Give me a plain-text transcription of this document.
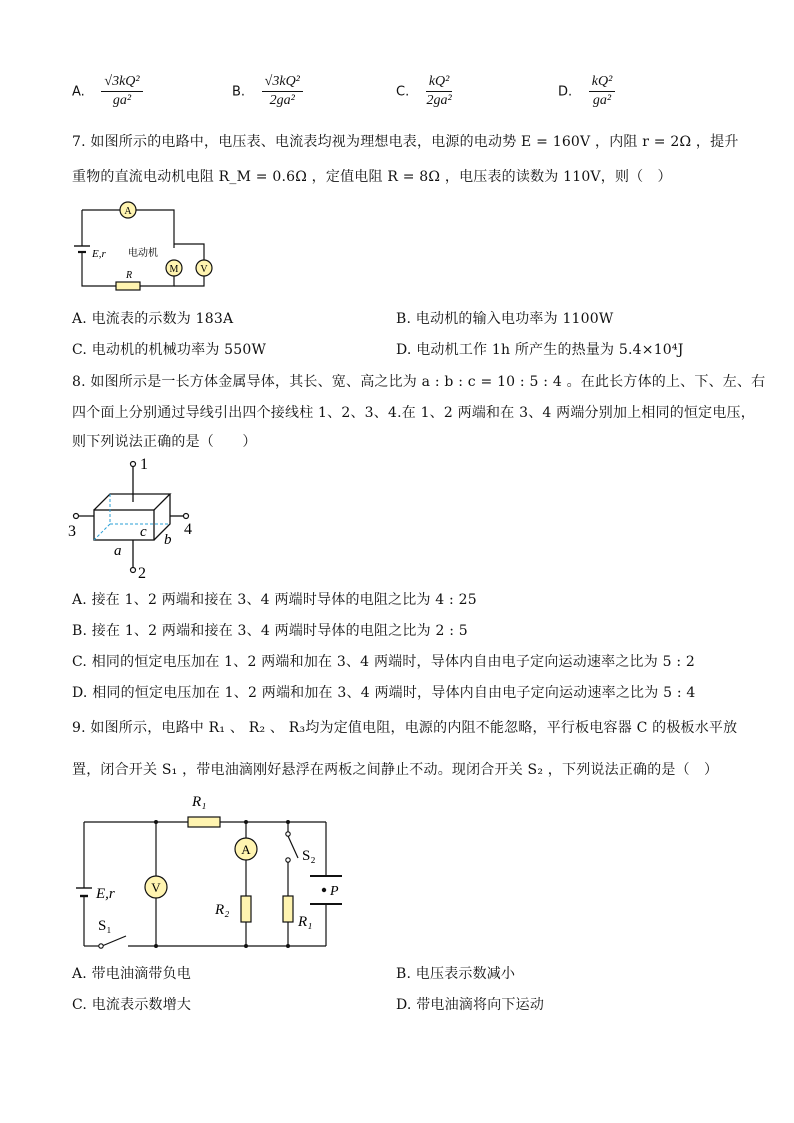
A. $\frac{\text{√3kQ²}}{\text{ga²}}$	B. $\frac{\text{√3kQ²}}{\text{2ga²}}$	C. $\frac{\text{kQ²}}{\text{2ga²}}$	D. $\frac{\text{kQ²}}{\text{ga²}}$
7. 如图所示的电路中，电压表、电流表均视为理想电表，电源的电动势 E = 160V ，内阻 r = 2Ω ，提升
重物的直流电动机电阻 R_M = 0.6Ω ，定值电阻 R = 8Ω ，电压表的读数为 110V，则（　）
A
M V
E,r 电动机
R
A. 电流表的示数为 183A	B. 电动机的输入电功率为 1100W
C. 电动机的机械功率为 550W	D. 电动机工作 1h 所产生的热量为 5.4×10⁴J
8. 如图所示是一长方体金属导体，其长、宽、高之比为 a : b : c = 10 : 5 : 4 。在此长方体的上、下、左、右
四个面上分别通过导线引出四个接线柱 1、2、3、4.在 1、2 两端和在 3、4 两端分别加上相同的恒定电压，
则下列说法正确的是（　　）
1
2
3	4
a
b
c
A. 接在 1、2 两端和接在 3、4 两端时导体的电阻之比为 4 : 25
B. 接在 1、2 两端和接在 3、4 两端时导体的电阻之比为 2 : 5
C. 相同的恒定电压加在 1、2 两端和加在 3、4 两端时，导体内自由电子定向运动速率之比为 5 : 2
D. 相同的恒定电压加在 1、2 两端和加在 3、4 两端时，导体内自由电子定向运动速率之比为 5 : 4
9. 如图所示，电路中 R₁ 、 R₂ 、 R₃均为定值电阻，电源的内阻不能忽略，平行板电容器 C 的极板水平放
置，闭合开关 S₁ ，带电油滴刚好悬浮在两板之间静止不动。现闭合开关 S₂ ，下列说法正确的是（　）
P
R₁
A	S₂
V
E,r
R₂
R₁
S₁
A. 带电油滴带负电	B. 电压表示数减小
C. 电流表示数增大	D. 带电油滴将向下运动
